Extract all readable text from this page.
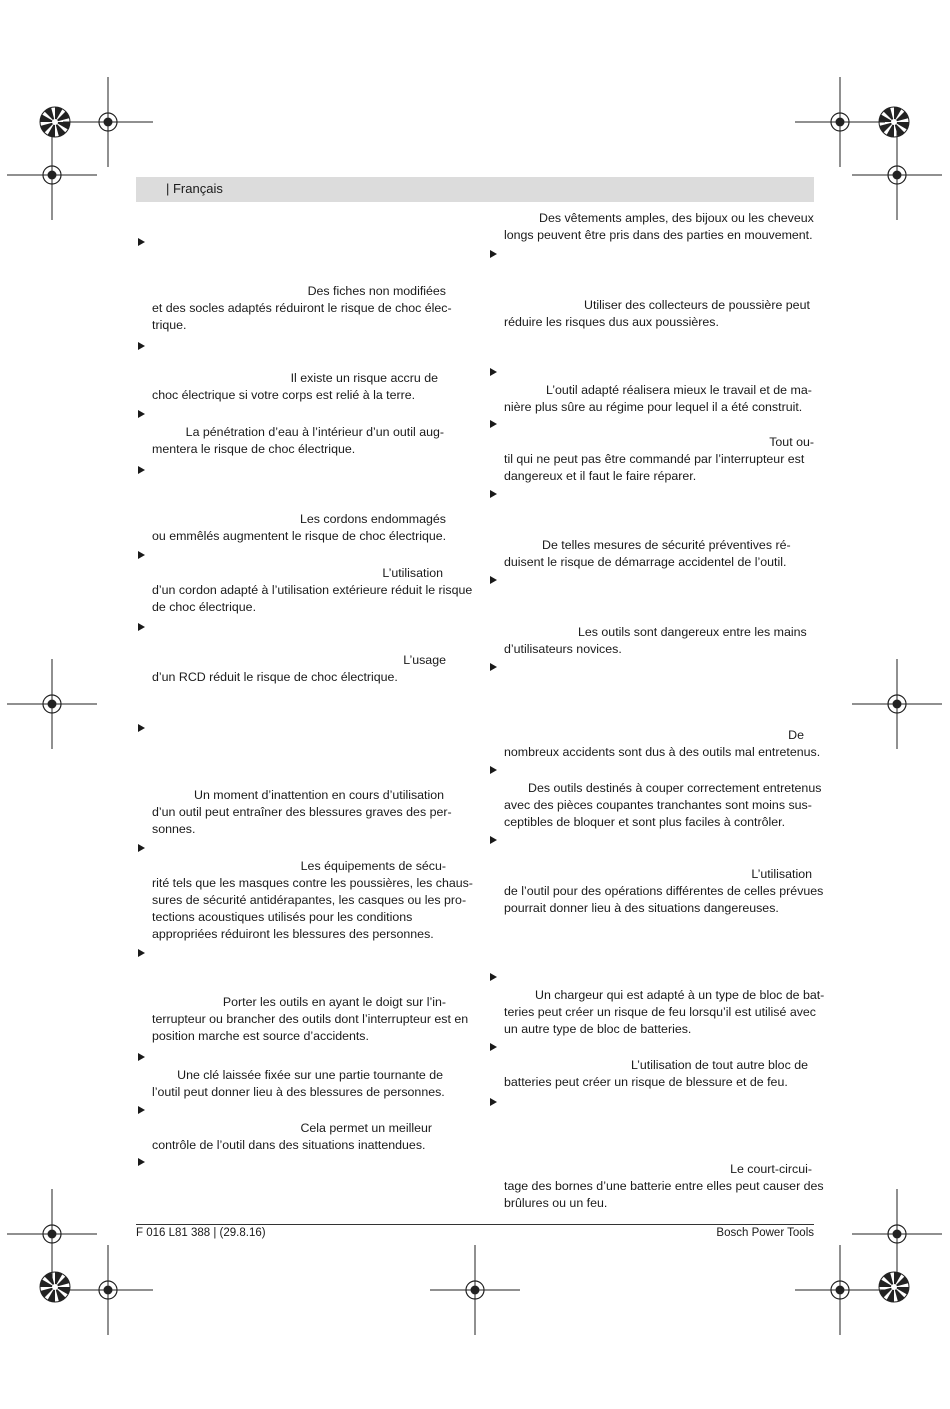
| Français
Des fiches non modifiées
et des socles adaptés réduiront le risque de choc élec-
trique.
Il existe un risque accru de
choc électrique si votre corps est relié à la terre.
La pénétration d’eau à l’intérieur d’un outil aug-
mentera le risque de choc électrique.
Les cordons endommagés
ou emmêlés augmentent le risque de choc électrique.
L’utilisation
d’un cordon adapté à l’utilisation extérieure réduit le risque
de choc électrique.
L’usage
d’un RCD réduit le risque de choc électrique.
Un moment d’inattention en cours d’utilisation
d’un outil peut entraîner des blessures graves des per-
sonnes.
Les équipements de sécu-
rité tels que les masques contre les poussières, les chaus-
sures de sécurité antidérapantes, les casques ou les pro-
tections acoustiques utilisés pour les conditions
appropriées réduiront les blessures des personnes.
Porter les outils en ayant le doigt sur l’in-
terrupteur ou brancher des outils dont l’interrupteur est en
position marche est source d’accidents.
Une clé laissée fixée sur une partie tournante de
l’outil peut donner lieu à des blessures de personnes.
Cela permet un meilleur
contrôle de l’outil dans des situations inattendues.
Des vêtements amples, des bijoux ou les cheveux
longs peuvent être pris dans des parties en mouvement.
Utiliser des collecteurs de poussière peut
réduire les risques dus aux poussières.
L’outil adapté réalisera mieux le travail et de ma-
nière plus sûre au régime pour lequel il a été construit.
Tout ou-
til qui ne peut pas être commandé par l’interrupteur est
dangereux et il faut le faire réparer.
De telles mesures de sécurité préventives ré-
duisent le risque de démarrage accidentel de l’outil.
Les outils sont dangereux entre les mains
d’utilisateurs novices.
De
nombreux accidents sont dus à des outils mal entretenus.
Des outils destinés à couper correctement entretenus
avec des pièces coupantes tranchantes sont moins sus-
ceptibles de bloquer et sont plus faciles à contrôler.
L’utilisation
de l’outil pour des opérations différentes de celles prévues
pourrait donner lieu à des situations dangereuses.
Un chargeur qui est adapté à un type de bloc de bat-
teries peut créer un risque de feu lorsqu’il est utilisé avec
un autre type de bloc de batteries.
L’utilisation de tout autre bloc de
batteries peut créer un risque de blessure et de feu.
Le court-circui-
tage des bornes d’une batterie entre elles peut causer des
brûlures ou un feu.
F 016 L81 388 | (29.8.16)	Bosch Power Tools
